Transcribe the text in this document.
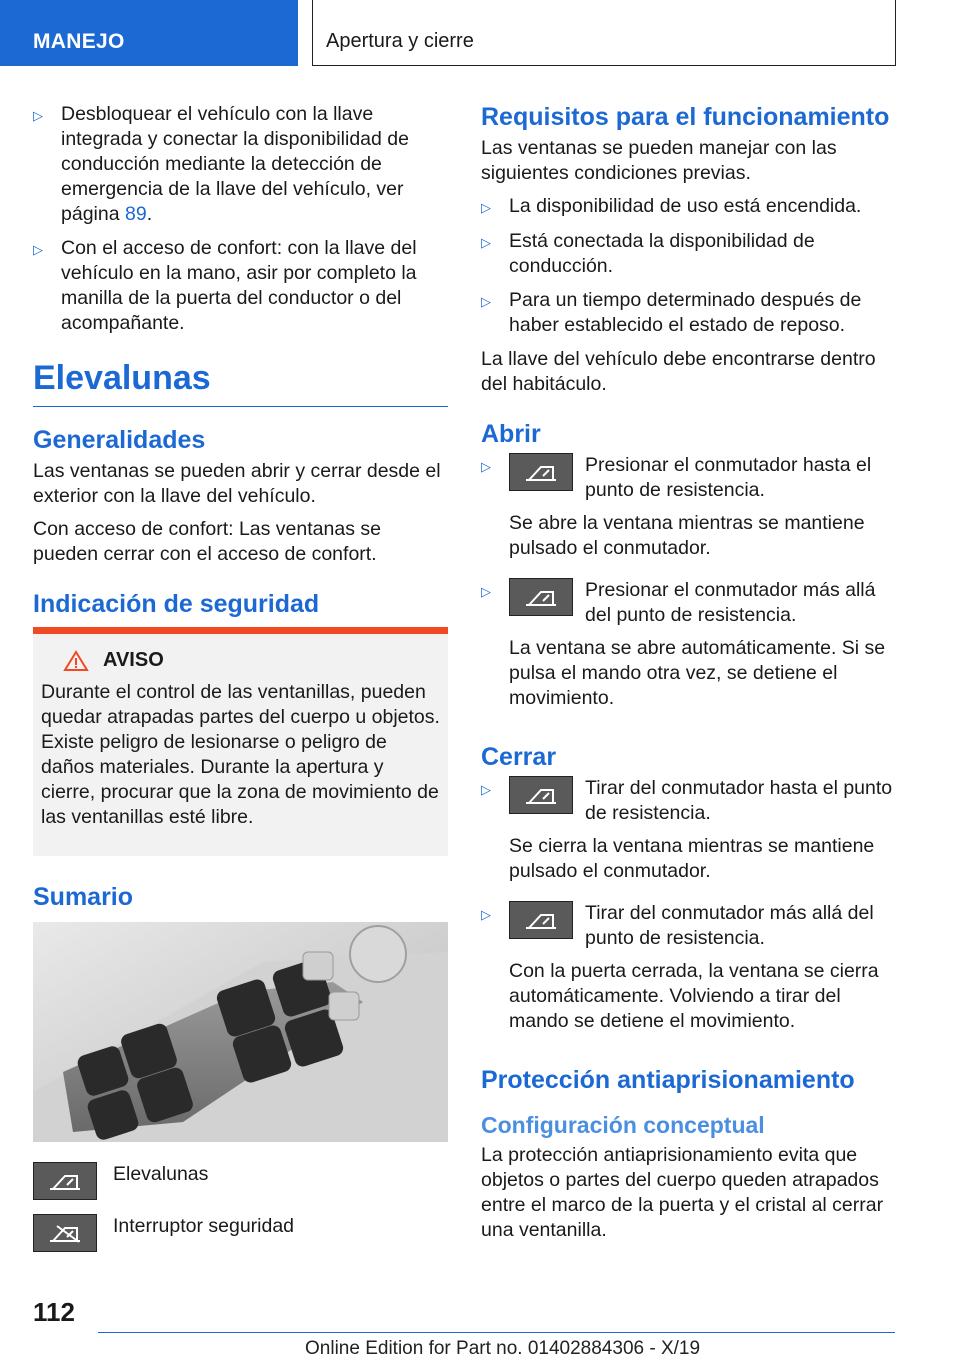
MANEJO	Apertura y cierre
▷ Desbloquear el vehículo con la llave integrada y conectar la disponibilidad de conducción mediante la detección de emergencia de la llave del vehículo, ver página 89.
▷ Con el acceso de confort: con la llave del vehículo en la mano, asir por completo la manilla de la puerta del conductor o del acompañante.
Elevalunas
Generalidades

Las ventanas se pueden abrir y cerrar desde el exterior con la llave del vehículo.

Con acceso de confort: Las ventanas se pueden cerrar con el acceso de confort.

Indicación de seguridad
AVISO

Durante el control de las ventanillas, pueden quedar atrapadas partes del cuerpo u objetos. Existe peligro de lesionarse o peligro de daños materiales. Durante la apertura y cierre, procurar que la zona de movimiento de las ventanillas esté libre.

Sumario
Elevalunas
Interruptor seguridad
Requisitos para el funcionamiento

Las ventanas se pueden manejar con las siguientes condiciones previas.

▷ La disponibilidad de uso está encendida.
▷ Está conectada la disponibilidad de conducción.
▷ Para un tiempo determinado después de haber establecido el estado de reposo.

La llave del vehículo debe encontrarse dentro del habitáculo.

Abrir
▷	Presionar el conmutador hasta el punto de resistencia.

Se abre la ventana mientras se mantiene pulsado el conmutador.

▷	Presionar el conmutador más allá del punto de resistencia.

La ventana se abre automáticamente. Si se pulsa el mando otra vez, se detiene el movimiento.

Cerrar
▷	Tirar del conmutador hasta el punto de resistencia.

Se cierra la ventana mientras se mantiene pulsado el conmutador.

▷	Tirar del conmutador más allá del punto de resistencia.

Con la puerta cerrada, la ventana se cierra automáticamente. Volviendo a tirar del mando se detiene el movimiento.

Protección antiaprisionamiento
Configuración conceptual

La protección antiaprisionamiento evita que objetos o partes del cuerpo queden atrapados entre el marco de la puerta y el cristal al cerrar una ventanilla.

112
Online Edition for Part no. 01402884306 - X/19
